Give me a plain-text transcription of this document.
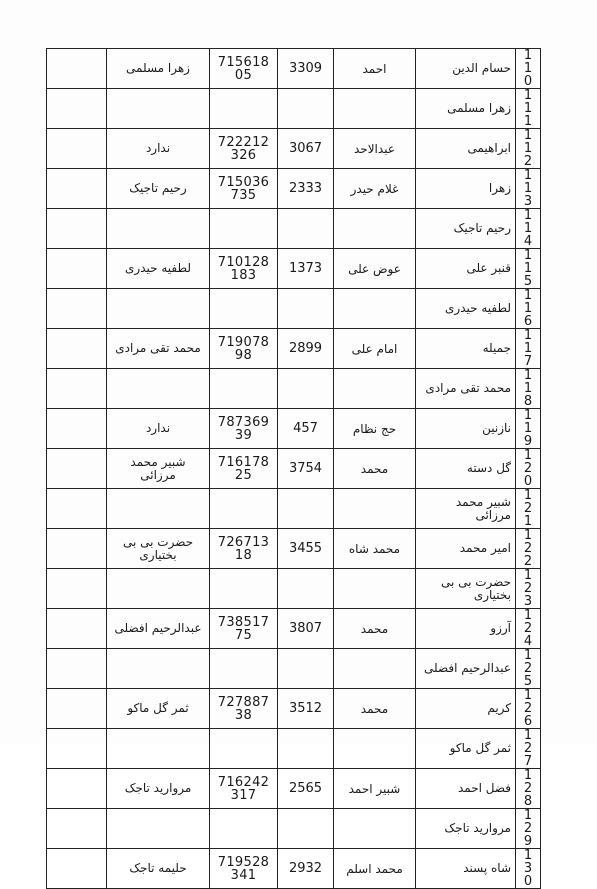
	زهرا مسلمی	71561805	3309	احمد	حسام الدين	110
					زهرا مسلمی	111
	ندارد	722212326	3067	عبدالاحد	ابراهیمی	112
	رحیم تاجیک	715036735	2333	غلام حیدر	زهرا	113
					رحیم تاجیک	114
	لطفیه حیدری	710128183	1373	عوض علی	قنبر علی	115
					لطفیه حیدری	116
	محمد تقی مرادی	71907898	2899	امام علی	جمیله	117
					محمد تقی مرادی	118
	ندارد	78736939	457	حج نظام	نازنین	119
	شبیر محمد مرزائی	71617825	3754	محمد	گل دسته	120
					شبیر محمد مرزائی	121
	حضرت بی بی بختیاری	72671318	3455	محمد شاه	امیر محمد	122
					حضرت بی بی بختیاری	123
	عبدالرحیم افضلی	73851775	3807	محمد	آرزو	124
					عبدالرحیم افضلی	125
	ثمر گل ماکو	72788738	3512	محمد	کریم	126
					ثمر گل ماکو	127
	مروارید تاجک	716242317	2565	شبیر احمد	فضل احمد	128
					مروارید تاجک	129
	حلیمه تاجک	719528341	2932	محمد اسلم	شاه پسند	130
